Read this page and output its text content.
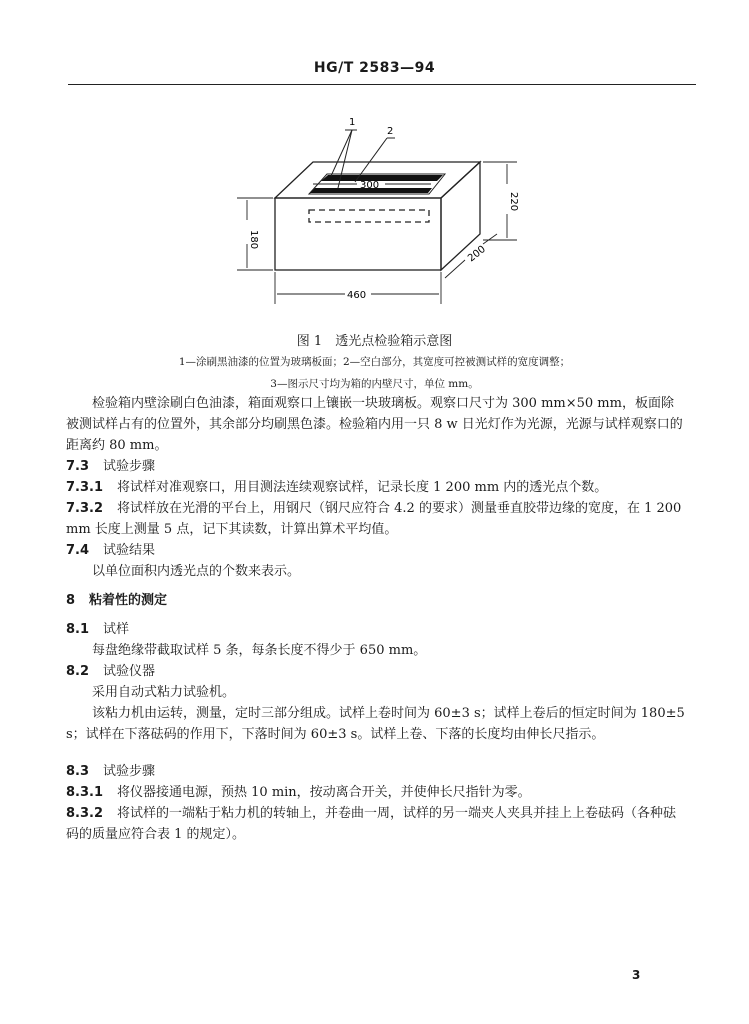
HG/T 2583—94
1
2
300
180
220
460
200
图 1　透光点检验箱示意图
1—涂刷黑油漆的位置为玻璃板面；2—空白部分，其宽度可控被测试样的宽度调整；
3—图示尺寸均为箱的内壁尺寸，单位 mm。
检验箱内壁涂刷白色油漆，箱面观察口上镶嵌一块玻璃板。观察口尺寸为 300 mm×50 mm，板面除被测试样占有的位置外，其余部分均刷黑色漆。检验箱内用一只 8 w 日光灯作为光源，光源与试样观察口的距离约 80 mm。
7.3 试验步骤
7.3.1 将试样对准观察口，用目测法连续观察试样，记录长度 1 200 mm 内的透光点个数。
7.3.2 将试样放在光滑的平台上，用钢尺（钢尺应符合 4.2 的要求）测量垂直胶带边缘的宽度，在 1 200 mm 长度上测量 5 点，记下其读数，计算出算术平均值。
7.4 试验结果
以单位面积内透光点的个数来表示。
8 粘着性的测定
8.1 试样
每盘绝缘带截取试样 5 条，每条长度不得少于 650 mm。
8.2 试验仪器
采用自动式粘力试验机。
该粘力机由运转，测量，定时三部分组成。试样上卷时间为 60±3 s；试样上卷后的恒定时间为 180±5 s；试样在下落砝码的作用下，下落时间为 60±3 s。试样上卷、下落的长度均由伸长尺指示。
8.3 试验步骤
8.3.1 将仪器接通电源，预热 10 min，按动离合开关，并使伸长尺指针为零。
8.3.2 将试样的一端粘于粘力机的转轴上，并卷曲一周，试样的另一端夹人夹具并挂上上卷砝码（各种砝码的质量应符合表 1 的规定）。
3
